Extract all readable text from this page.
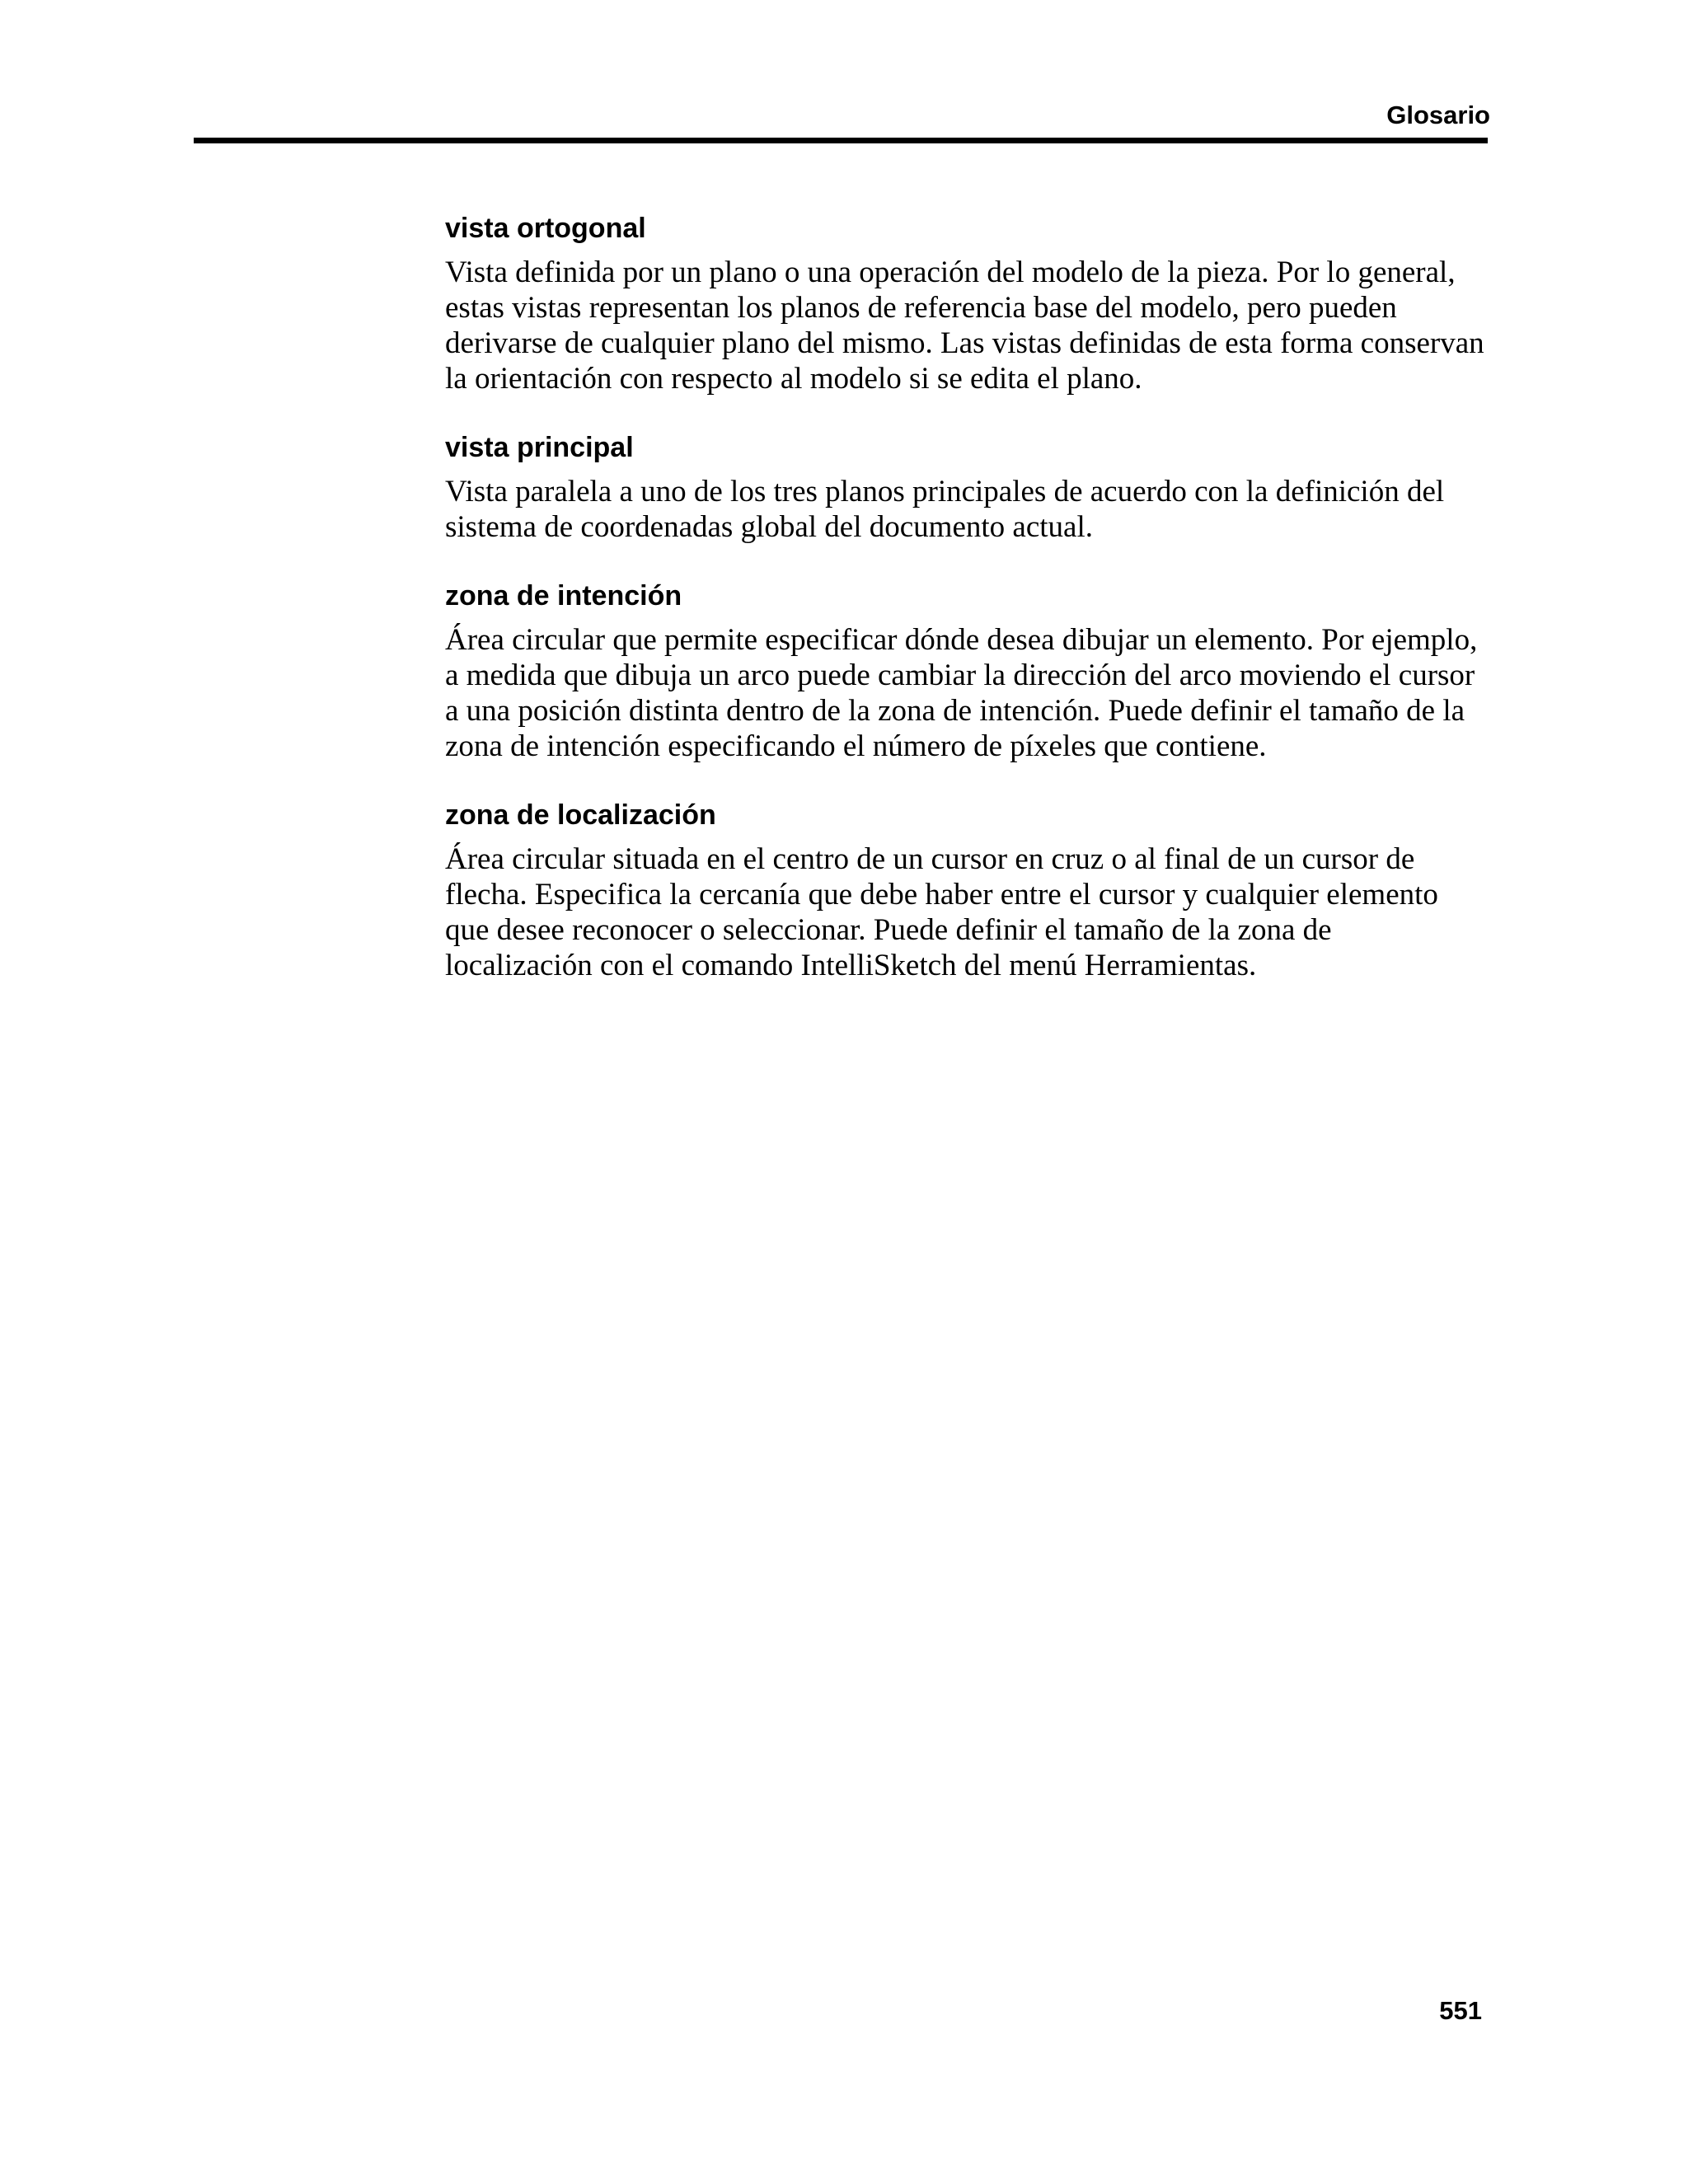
Glosario
vista ortogonal

Vista definida por un plano o una operación del modelo de la pieza. Por lo general,
estas vistas representan los planos de referencia base del modelo, pero pueden
derivarse de cualquier plano del mismo. Las vistas definidas de esta forma conservan
la orientación con respecto al modelo si se edita el plano.

vista principal

Vista paralela a uno de los tres planos principales de acuerdo con la definición del
sistema de coordenadas global del documento actual.

zona de intención

Área circular que permite especificar dónde desea dibujar un elemento. Por ejemplo,
a medida que dibuja un arco puede cambiar la dirección del arco moviendo el cursor
a una posición distinta dentro de la zona de intención. Puede definir el tamaño de la
zona de intención especificando el número de píxeles que contiene.

zona de localización

Área circular situada en el centro de un cursor en cruz o al final de un cursor de
flecha. Especifica la cercanía que debe haber entre el cursor y cualquier elemento
que desee reconocer o seleccionar. Puede definir el tamaño de la zona de
localización con el comando IntelliSketch del menú Herramientas.

551
